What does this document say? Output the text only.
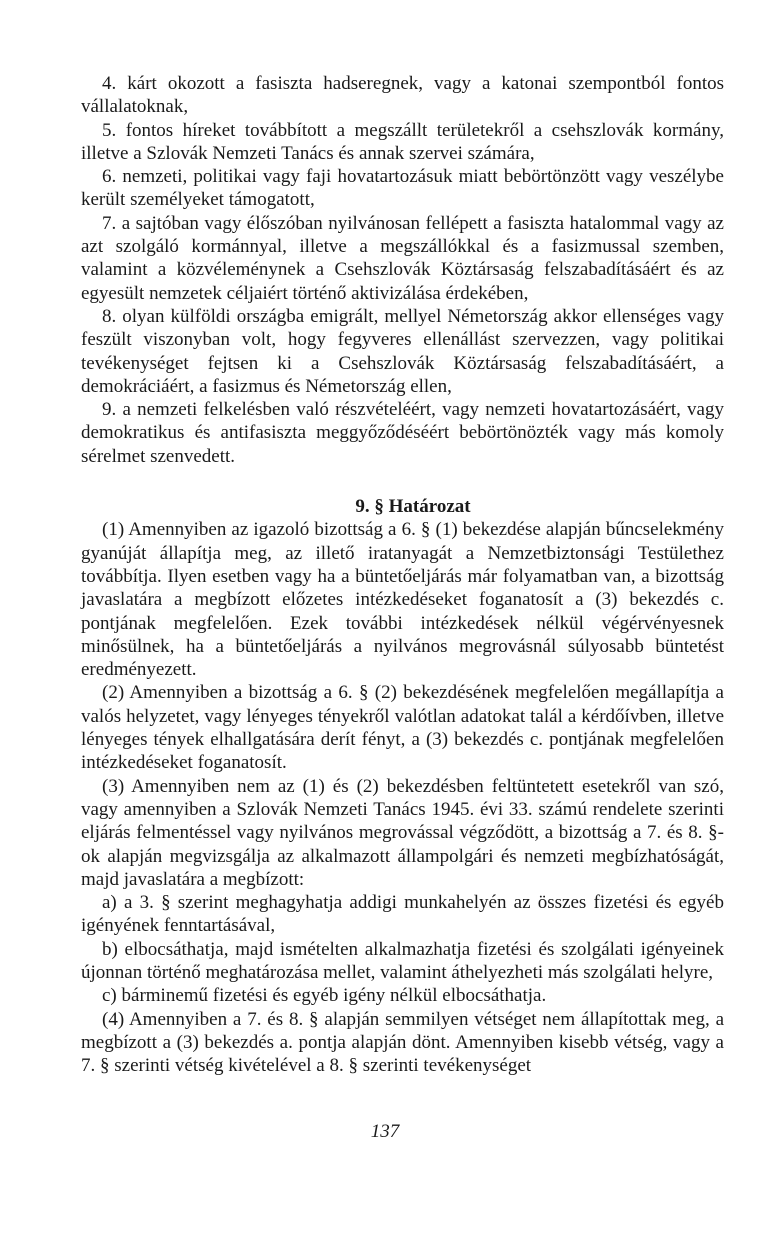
4. kárt okozott a fasiszta hadseregnek, vagy a katonai szempontból fontos vállalatoknak,

5. fontos híreket továbbított a megszállt területekről a csehszlovák kormány, illetve a Szlovák Nemzeti Tanács és annak szervei számára,

6. nemzeti, politikai vagy faji hovatartozásuk miatt bebörtönzött vagy veszélybe került személyeket támogatott,

7. a sajtóban vagy élőszóban nyilvánosan fellépett a fasiszta hatalommal vagy az azt szolgáló kormánnyal, illetve a megszállókkal és a fasizmussal szemben, valamint a közvéleménynek a Csehszlovák Köztársaság felszabadításáért és az egyesült nemzetek céljaiért történő aktivizálása érdekében,

8. olyan külföldi országba emigrált, mellyel Németország akkor ellenséges vagy feszült viszonyban volt, hogy fegyveres ellenállást szervezzen, vagy politikai tevékenységet fejtsen ki a Csehszlovák Köztársaság felszabadításáért, a demokráciáért, a fasizmus és Németország ellen,

9. a nemzeti felkelésben való részvételéért, vagy nemzeti hovatartozásáért, vagy demokratikus és antifasiszta meggyőződéséért bebörtönözték vagy más komoly sérelmet szenvedett.

9. § Határozat

(1) Amennyiben az igazoló bizottság a 6. § (1) bekezdése alapján bűncselekmény gyanúját állapítja meg, az illető iratanyagát a Nemzetbiztonsági Testülethez továbbítja. Ilyen esetben vagy ha a büntetőeljárás már folyamatban van, a bizottság javaslatára a megbízott előzetes intézkedéseket foganatosít a (3) bekezdés c. pontjának megfelelően. Ezek további intézkedések nélkül végérvényesnek minősülnek, ha a büntetőeljárás a nyilvános megrovásnál súlyosabb büntetést eredményezett.

(2) Amennyiben a bizottság a 6. § (2) bekezdésének megfelelően megállapítja a valós helyzetet, vagy lényeges tényekről valótlan adatokat talál a kérdőívben, illetve lényeges tények elhallgatására derít fényt, a (3) bekezdés c. pontjának megfelelően intézkedéseket foganatosít.

(3) Amennyiben nem az (1) és (2) bekezdésben feltüntetett esetekről van szó, vagy amennyiben a Szlovák Nemzeti Tanács 1945. évi 33. számú rendelete szerinti eljárás felmentéssel vagy nyilvános megrovással végződött, a bizottság a 7. és 8. §-ok alapján megvizsgálja az alkalmazott állampolgári és nemzeti megbízhatóságát, majd javaslatára a megbízott:

a) a 3. § szerint meghagyhatja addigi munkahelyén az összes fizetési és egyéb igényének fenntartásával,

b) elbocsáthatja, majd ismételten alkalmazhatja fizetési és szolgálati igényeinek újonnan történő meghatározása mellet, valamint áthelyezheti más szolgálati helyre,

c) bárminemű fizetési és egyéb igény nélkül elbocsáthatja.

(4) Amennyiben a 7. és 8. § alapján semmilyen vétséget nem állapítottak meg, a megbízott a (3) bekezdés a. pontja alapján dönt. Amennyiben kisebb vétség, vagy a 7. § szerinti vétség kivételével a 8. § szerinti tevékenységet

137
